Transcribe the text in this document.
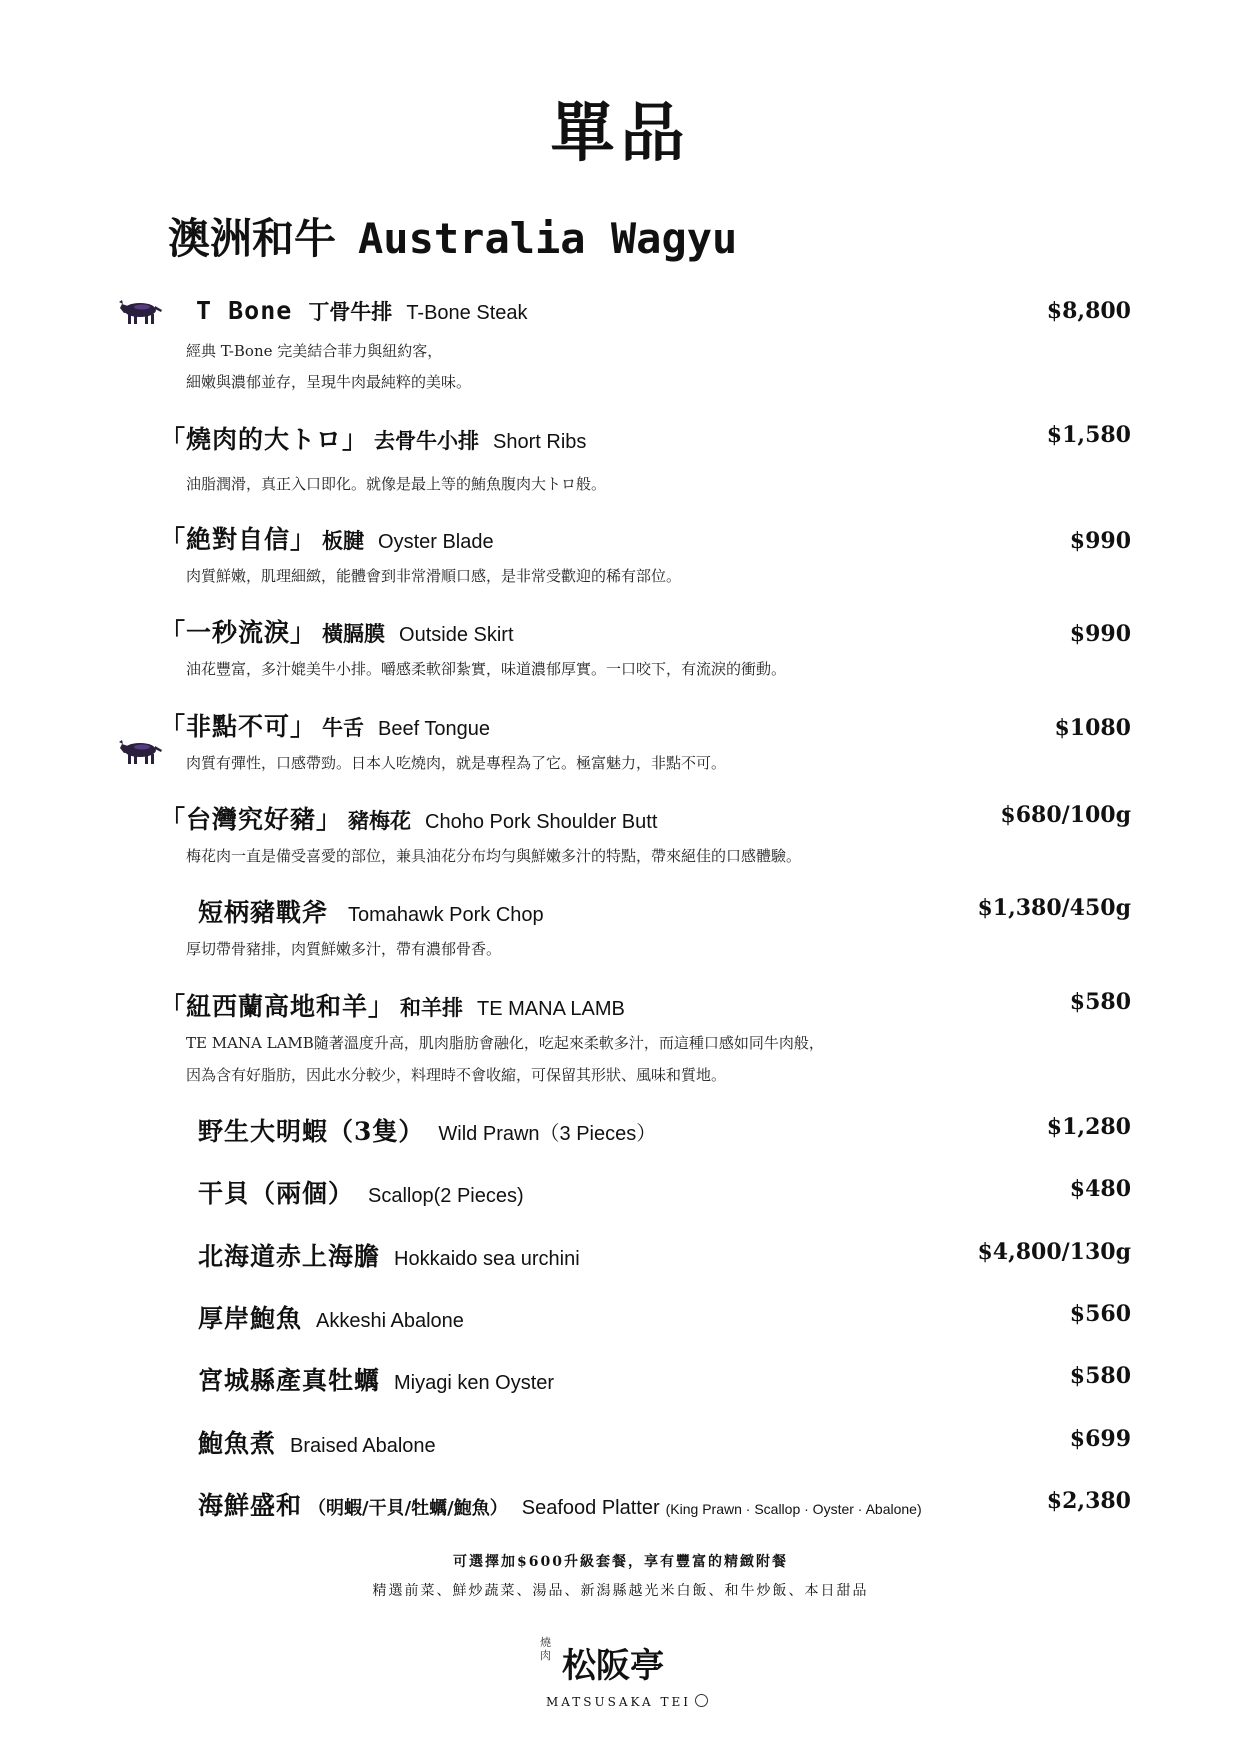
單品
澳洲和牛 Australia Wagyu
T Bone 丁骨牛排 T-Bone Steak	$8,800
經典 T-Bone 完美結合菲力與紐約客，
細嫩與濃郁並存，呈現牛肉最純粹的美味。
「燒肉的大トロ」 去骨牛小排 Short Ribs	$1,580
油脂潤滑，真正入口即化。就像是最上等的鮪魚腹肉大トロ般。
「絶對自信」 板腱 Oyster Blade	$990
肉質鮮嫩，肌理細緻，能體會到非常滑順口感，是非常受歡迎的稀有部位。
「一秒流淚」 橫膈膜 Outside Skirt	$990
油花豐富，多汁媲美牛小排。嚼感柔軟卻紮實，味道濃郁厚實。一口咬下，有流淚的衝動。
「非點不可」 牛舌 Beef Tongue	$1080
肉質有彈性，口感帶勁。日本人吃燒肉，就是專程為了它。極富魅力，非點不可。
「台灣究好豬」 豬梅花 Choho Pork Shoulder Butt	$680/100g
梅花肉一直是備受喜愛的部位，兼具油花分布均勻與鮮嫩多汁的特點，帶來絕佳的口感體驗。
短柄豬戰斧 Tomahawk Pork Chop	$1,380/450g
厚切帶骨豬排，肉質鮮嫩多汁，帶有濃郁骨香。
「紐西蘭高地和羊」 和羊排 TE MANA LAMB	$580
TE MANA LAMB隨著溫度升高，肌肉脂肪會融化，吃起來柔軟多汁，而這種口感如同牛肉般，
因為含有好脂肪，因此水分較少，料理時不會收縮，可保留其形狀、風味和質地。
野生大明蝦（3隻） Wild Prawn（3 Pieces）	$1,280
干貝（兩個） Scallop(2 Pieces)	$480
北海道赤上海膽 Hokkaido sea urchini	$4,800/130g
厚岸鮑魚 Akkeshi Abalone	$560
宮城縣產真牡蠣 Miyagi ken Oyster	$580
鮑魚煮 Braised Abalone	$699
海鮮盛和 （明蝦/干貝/牡蠣/鮑魚） Seafood Platter (King Prawn · Scallop · Oyster · Abalone)	$2,380
可選擇加$600升級套餐，享有豐富的精緻附餐
精選前菜、鮮炒蔬菜、湯品、新潟縣越光米白飯、和牛炒飯、本日甜品
燒肉 松阪亭
MATSUSAKA TEI
